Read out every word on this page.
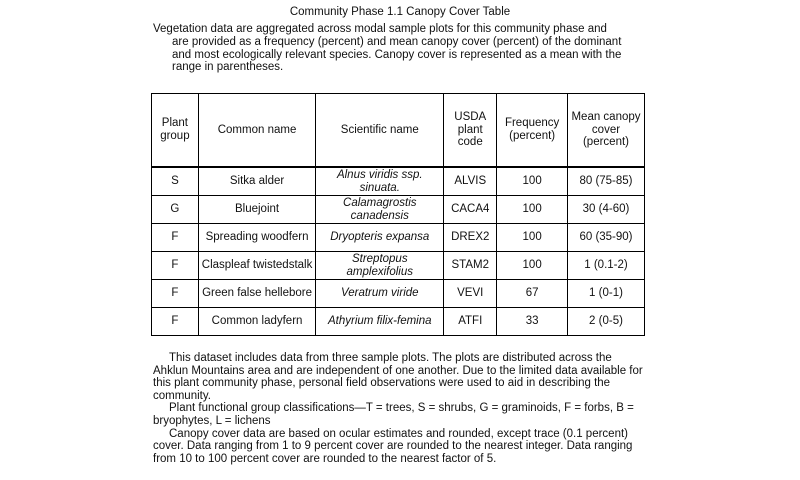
Community Phase 1.1 Canopy Cover Table
Vegetation data are aggregated across modal sample plots for this community phase and
are provided as a frequency (percent) and mean canopy cover (percent) of the dominant and most ecologically relevant species. Canopy cover is represented as a mean with the range in parentheses.
Plant group	Common name	Scientific name	USDA plant code	Frequency (percent)	Mean canopy cover (percent)
S	Sitka alder	Alnus viridis ssp. sinuata.	ALVIS	100	80 (75-85)
G	Bluejoint	Calamagrostis canadensis	CACA4	100	30 (4-60)
F	Spreading woodfern	Dryopteris expansa	DREX2	100	60 (35-90)
F	Claspleaf twistedstalk	Streptopus amplexifolius	STAM2	100	1 (0.1-2)
F	Green false hellebore	Veratrum viride	VEVI	67	1 (0-1)
F	Common ladyfern	Athyrium filix-femina	ATFI	33	2 (0-5)

This dataset includes data from three sample plots. The plots are distributed across the Ahklun Mountains area and are independent of one another. Due to the limited data available for this plant community phase, personal field observations were used to aid in describing the community.

Plant functional group classifications—T = trees, S = shrubs, G = graminoids, F = forbs, B = bryophytes, L = lichens

Canopy cover data are based on ocular estimates and rounded, except trace (0.1 percent) cover. Data ranging from 1 to 9 percent cover are rounded to the nearest integer. Data ranging from 10 to 100 percent cover are rounded to the nearest factor of 5.
